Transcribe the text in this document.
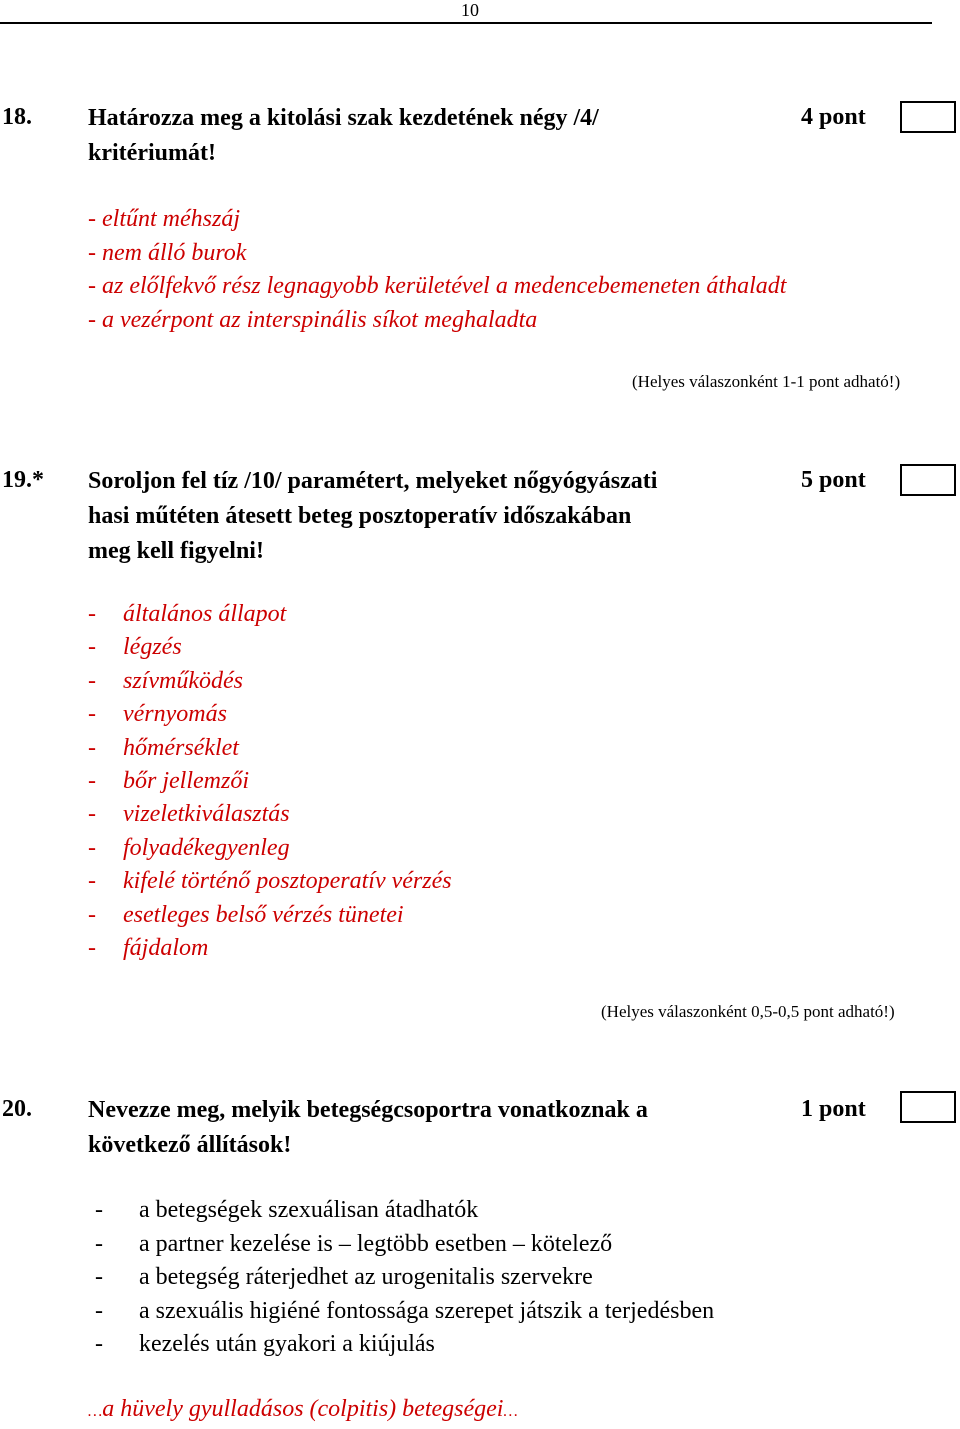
10
18. Határozza meg a kitolási szak kezdetének négy /4/
kritériumát!
4 pont
- eltűnt méhszáj
- nem álló burok
- az előlfekvő rész legnagyobb kerületével a medencebemeneten áthaladt
- a vezérpont az interspinális síkot meghaladta
(Helyes válaszonként 1-1 pont adható!)
19.* Soroljon fel tíz /10/ paramétert, melyeket nőgyógyászati
hasi műtéten átesett beteg posztoperatív időszakában
meg kell figyelni!
5 pont
- általános állapot
- légzés
- szívműködés
- vérnyomás
- hőmérséklet
- bőr jellemzői
- vizeletkiválasztás
- folyadékegyenleg
- kifelé történő posztoperatív vérzés
- esetleges belső vérzés tünetei
- fájdalom
(Helyes válaszonként 0,5-0,5 pont adható!)
20. Nevezze meg, melyik betegségcsoportra vonatkoznak a
következő állítások!
1 pont
- a betegségek szexuálisan átadhatók
- a partner kezelése is – legtöbb esetben – kötelező
- a betegség ráterjedhet az urogenitalis szervekre
- a szexuális higiéné fontossága szerepet játszik a terjedésben
- kezelés után gyakori a kiújulás
…a hüvely gyulladásos (colpitis) betegségei…
